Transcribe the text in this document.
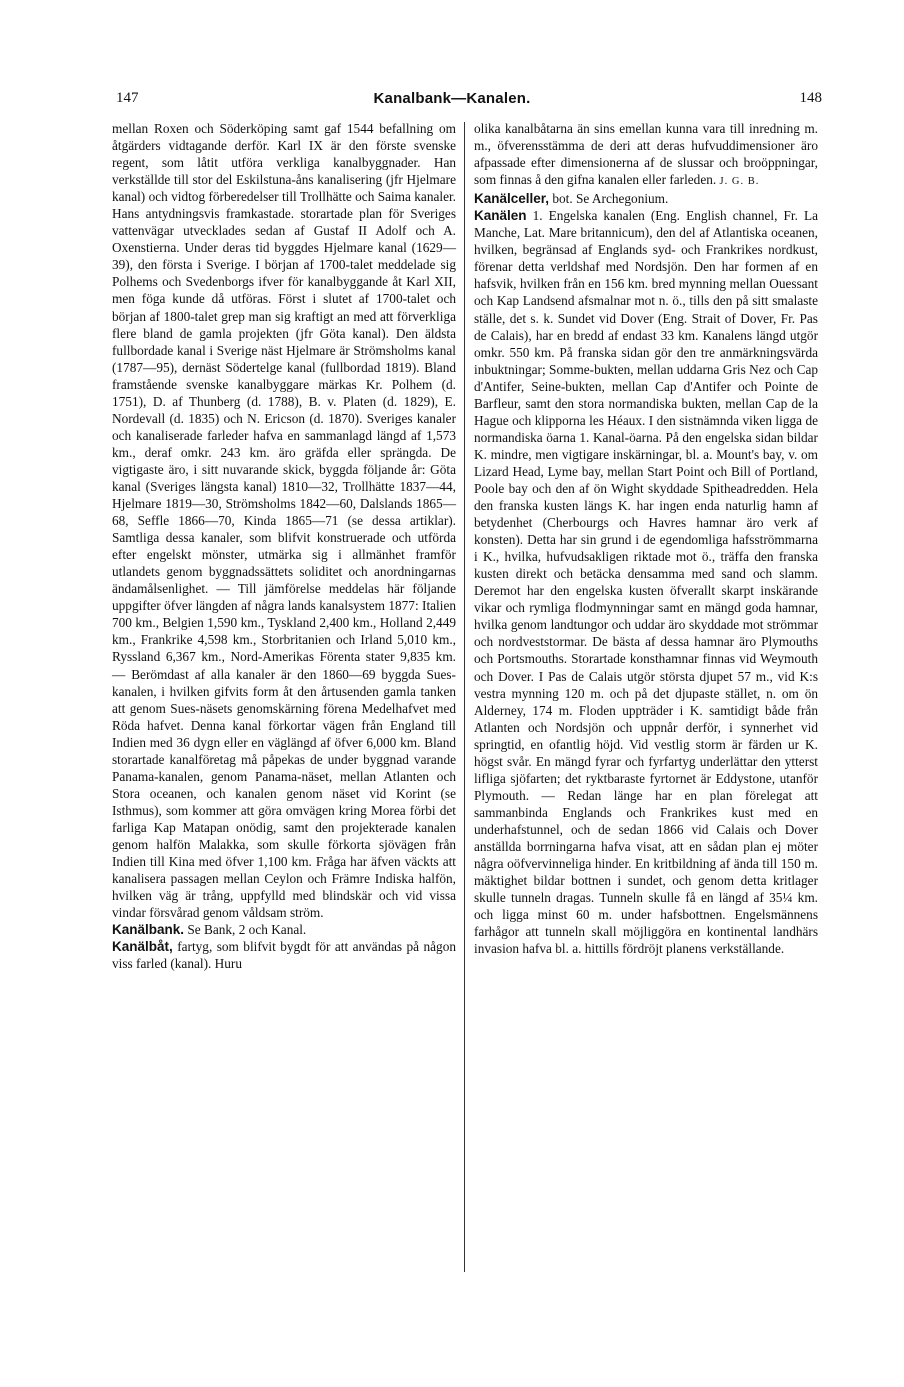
147	Kanalbank—Kanalen.	148

mellan Roxen och Söderköping samt gaf 1544 befallning om åtgärders vidtagande derför. Karl IX är den förste svenske regent, som låtit utföra verkliga kanalbyggnader. Han verkställde till stor del Eskilstuna-åns kanalisering (jfr Hjelmare kanal) och vidtog förberedelser till Trollhätte och Saima kanaler. Hans antydningsvis framkastade. storartade plan för Sveriges vattenvägar utvecklades sedan af Gustaf II Adolf och A. Oxenstierna. Under deras tid byggdes Hjelmare kanal (1629—39), den första i Sverige. I början af 1700-talet meddelade sig Polhems och Svedenborgs ifver för kanalbyggande åt Karl XII, men föga kunde då utföras. Först i slutet af 1700-talet och början af 1800-talet grep man sig kraftigt an med att förverkliga flere bland de gamla projekten (jfr Göta kanal). Den äldsta fullbordade kanal i Sverige näst Hjelmare är Strömsholms kanal (1787—95), dernäst Södertelge kanal (fullbordad 1819). Bland framstående svenske kanalbyggare märkas Kr. Polhem (d. 1751), D. af Thunberg (d. 1788), B. v. Platen (d. 1829), E. Nordevall (d. 1835) och N. Ericson (d. 1870). Sveriges kanaler och kanaliserade farleder hafva en sammanlagd längd af 1,573 km., deraf omkr. 243 km. äro gräfda eller sprängda. De vigtigaste äro, i sitt nuvarande skick, byggda följande år: Göta kanal (Sveriges längsta kanal) 1810—32, Trollhätte 1837—44, Hjelmare 1819—30, Strömsholms 1842—60, Dalslands 1865—68, Seffle 1866—70, Kinda 1865—71 (se dessa artiklar). Samtliga dessa kanaler, som blifvit konstruerade och utförda efter engelskt mönster, utmärka sig i allmänhet framför utlandets genom byggnadssättets soliditet och anordningarnas ändamålsenlighet. — Till jämförelse meddelas här följande uppgifter öfver längden af några lands kanalsystem 1877: Italien 700 km., Belgien 1,590 km., Tyskland 2,400 km., Holland 2,449 km., Frankrike 4,598 km., Storbritanien och Irland 5,010 km., Ryssland 6,367 km., Nord-Amerikas Förenta stater 9,835 km. — Berömdast af alla kanaler är den 1860—69 byggda Sues-kanalen, i hvilken gifvits form åt den årtusenden gamla tanken att genom Sues-näsets genomskärning förena Medelhafvet med Röda hafvet. Denna kanal förkortar vägen från England till Indien med 36 dygn eller en väglängd af öfver 6,000 km. Bland storartade kanalföretag må påpekas de under byggnad varande Panama-kanalen, genom Panama-näset, mellan Atlanten och Stora oceanen, och kanalen genom näset vid Korint (se Isthmus), som kommer att göra omvägen kring Morea förbi det farliga Kap Matapan onödig, samt den projekterade kanalen genom halfön Malakka, som skulle förkorta sjövägen från Indien till Kina med öfver 1,100 km. Fråga har äfven väckts att kanalisera passagen mellan Ceylon och Främre Indiska halfön, hvilken väg är trång, uppfylld med blindskär och vid vissa vindar försvårad genom våldsam ström.

Kanälbank. Se Bank, 2 och Kanal.

Kanälbåt, fartyg, som blifvit bygdt för att användas på någon viss farled (kanal). Huru

olika kanalbåtarna än sins emellan kunna vara till inredning m. m., öfverensstämma de deri att deras hufvuddimensioner äro afpassade efter dimensionerna af de slussar och broöppningar, som finnas å den gifna kanalen eller farleden. J. G. B.

Kanälceller, bot. Se Archegonium.

Kanälen 1. Engelska kanalen (Eng. English channel, Fr. La Manche, Lat. Mare britannicum), den del af Atlantiska oceanen, hvilken, begränsad af Englands syd- och Frankrikes nordkust, förenar detta verldshaf med Nordsjön. Den har formen af en hafsvik, hvilken från en 156 km. bred mynning mellan Ouessant och Kap Landsend afsmalnar mot n. ö., tills den på sitt smalaste ställe, det s. k. Sundet vid Dover (Eng. Strait of Dover, Fr. Pas de Calais), har en bredd af endast 33 km. Kanalens längd utgör omkr. 550 km. På franska sidan gör den tre anmärkningsvärda inbuktningar; Somme-bukten, mellan uddarna Gris Nez och Cap d'Antifer, Seine-bukten, mellan Cap d'Antifer och Pointe de Barfleur, samt den stora normandiska bukten, mellan Cap de la Hague och klipporna les Héaux. I den sistnämnda viken ligga de normandiska öarna 1. Kanal-öarna. På den engelska sidan bildar K. mindre, men vigtigare inskärningar, bl. a. Mount's bay, v. om Lizard Head, Lyme bay, mellan Start Point och Bill of Portland, Poole bay och den af ön Wight skyddade Spitheadredden. Hela den franska kusten längs K. har ingen enda naturlig hamn af betydenhet (Cherbourgs och Havres hamnar äro verk af konsten). Detta har sin grund i de egendomliga hafsströmmarna i K., hvilka, hufvudsakligen riktade mot ö., träffa den franska kusten direkt och betäcka densamma med sand och slamm. Deremot har den engelska kusten öfverallt skarpt inskärande vikar och rymliga flodmynningar samt en mängd goda hamnar, hvilka genom landtungor och uddar äro skyddade mot strömmar och nordveststormar. De bästa af dessa hamnar äro Plymouths och Portsmouths. Storartade konsthamnar finnas vid Weymouth och Dover. I Pas de Calais utgör största djupet 57 m., vid K:s vestra mynning 120 m. och på det djupaste stället, n. om ön Alderney, 174 m. Floden uppträder i K. samtidigt både från Atlanten och Nordsjön och uppnår derför, i synnerhet vid springtid, en ofantlig höjd. Vid vestlig storm är färden ur K. högst svår. En mängd fyrar och fyrfartyg underlättar den ytterst lifliga sjöfarten; det ryktbaraste fyrtornet är Eddystone, utanför Plymouth. — Redan länge har en plan förelegat att sammanbinda Englands och Frankrikes kust med en underhafstunnel, och de sedan 1866 vid Calais och Dover anställda borrningarna hafva visat, att en sådan plan ej möter några oöfvervinneliga hinder. En kritbildning af ända till 150 m. mäktighet bildar bottnen i sundet, och genom detta kritlager skulle tunneln dragas. Tunneln skulle få en längd af 35¼ km. och ligga minst 60 m. under hafsbottnen. Engelsmännens farhågor att tunneln skall möjliggöra en kontinental landhärs invasion hafva bl. a. hittills fördröjt planens verkställande.
